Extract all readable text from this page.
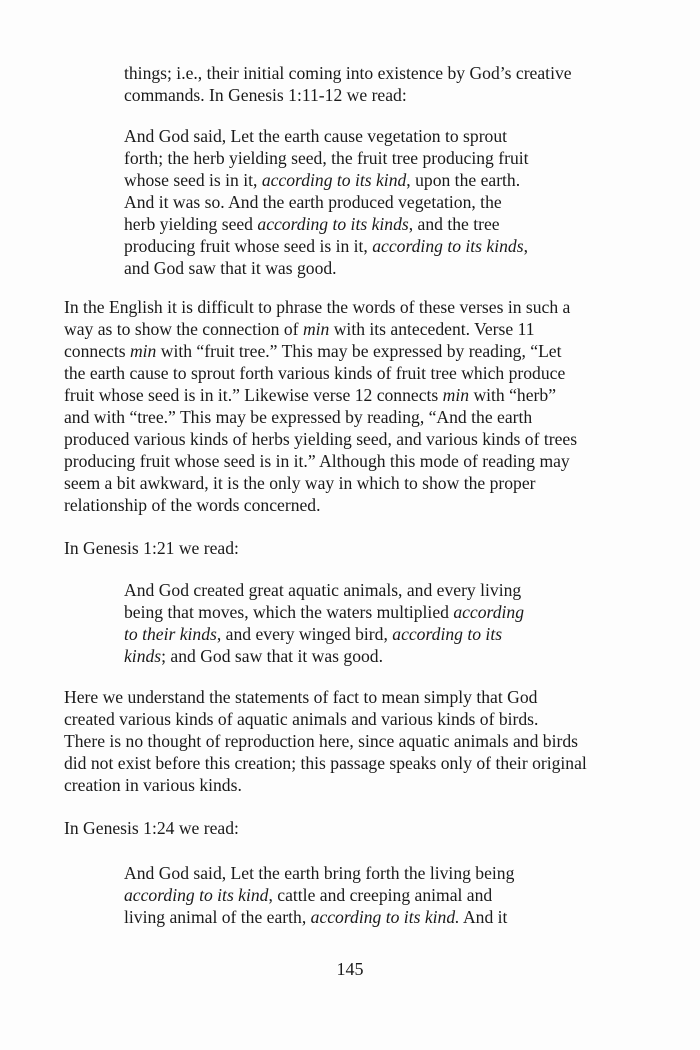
things; i.e., their initial coming into existence by God’s creative
commands. In Genesis 1:11-12 we read:

And God said, Let the earth cause vegetation to sprout
forth; the herb yielding seed, the fruit tree producing fruit
whose seed is in it, according to its kind, upon the earth.
And it was so. And the earth produced vegetation, the
herb yielding seed according to its kinds, and the tree
producing fruit whose seed is in it, according to its kinds,
and God saw that it was good.

In the English it is difficult to phrase the words of these verses in such a
way as to show the connection of min with its antecedent. Verse 11
connects min with “fruit tree.” This may be expressed by reading, “Let
the earth cause to sprout forth various kinds of fruit tree which produce
fruit whose seed is in it.” Likewise verse 12 connects min with “herb”
and with “tree.” This may be expressed by reading, “And the earth
produced various kinds of herbs yielding seed, and various kinds of trees
producing fruit whose seed is in it.” Although this mode of reading may
seem a bit awkward, it is the only way in which to show the proper
relationship of the words concerned.

In Genesis 1:21 we read:

And God created great aquatic animals, and every living
being that moves, which the waters multiplied according
to their kinds, and every winged bird, according to its
kinds; and God saw that it was good.

Here we understand the statements of fact to mean simply that God
created various kinds of aquatic animals and various kinds of birds.
There is no thought of reproduction here, since aquatic animals and birds
did not exist before this creation; this passage speaks only of their original
creation in various kinds.

In Genesis 1:24 we read:

And God said, Let the earth bring forth the living being
according to its kind, cattle and creeping animal and
living animal of the earth, according to its kind. And it

145
